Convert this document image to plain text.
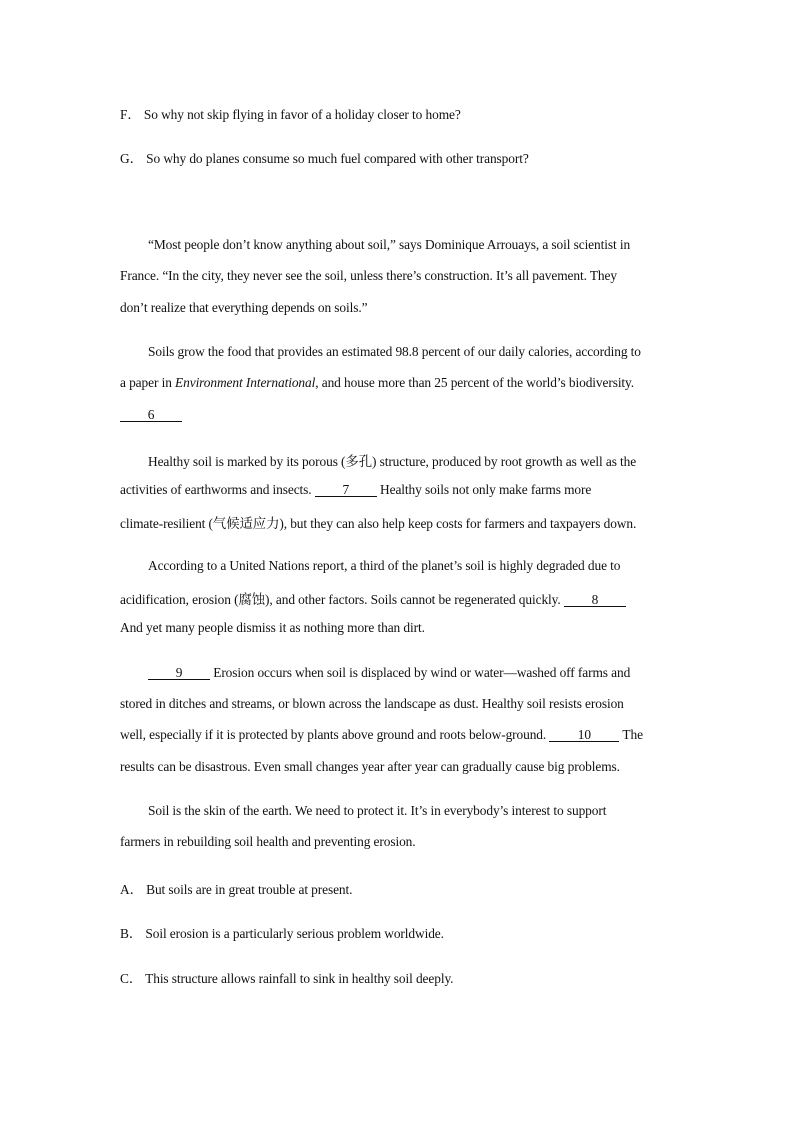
F． So why not skip flying in favor of a holiday closer to home?
G． So why do planes consume so much fuel compared with other transport?
“Most people don’t know anything about soil,” says Dominique Arrouays, a soil scientist in
France. “In the city, they never see the soil, unless there’s construction. It’s all pavement. They
don’t realize that everything depends on soils.”
Soils grow the food that provides an estimated 98.8 percent of our daily calories, according to
a paper in Environment International, and house more than 25 percent of the world’s biodiversity.
6
Healthy soil is marked by its porous (多孔) structure, produced by root growth as well as the
activities of earthworms and insects. 7 Healthy soils not only make farms more
climate-resilient (气候适应力), but they can also help keep costs for farmers and taxpayers down.
According to a United Nations report, a third of the planet’s soil is highly degraded due to
acidification, erosion (腐蚀), and other factors. Soils cannot be regenerated quickly. 8
And yet many people dismiss it as nothing more than dirt.
9 Erosion occurs when soil is displaced by wind or water—washed off farms and
stored in ditches and streams, or blown across the landscape as dust. Healthy soil resists erosion
well, especially if it is protected by plants above ground and roots below-ground. 10 The
results can be disastrous. Even small changes year after year can gradually cause big problems.
Soil is the skin of the earth. We need to protect it. It’s in everybody’s interest to support
farmers in rebuilding soil health and preventing erosion.
A． But soils are in great trouble at present.
B． Soil erosion is a particularly serious problem worldwide.
C． This structure allows rainfall to sink in healthy soil deeply.
